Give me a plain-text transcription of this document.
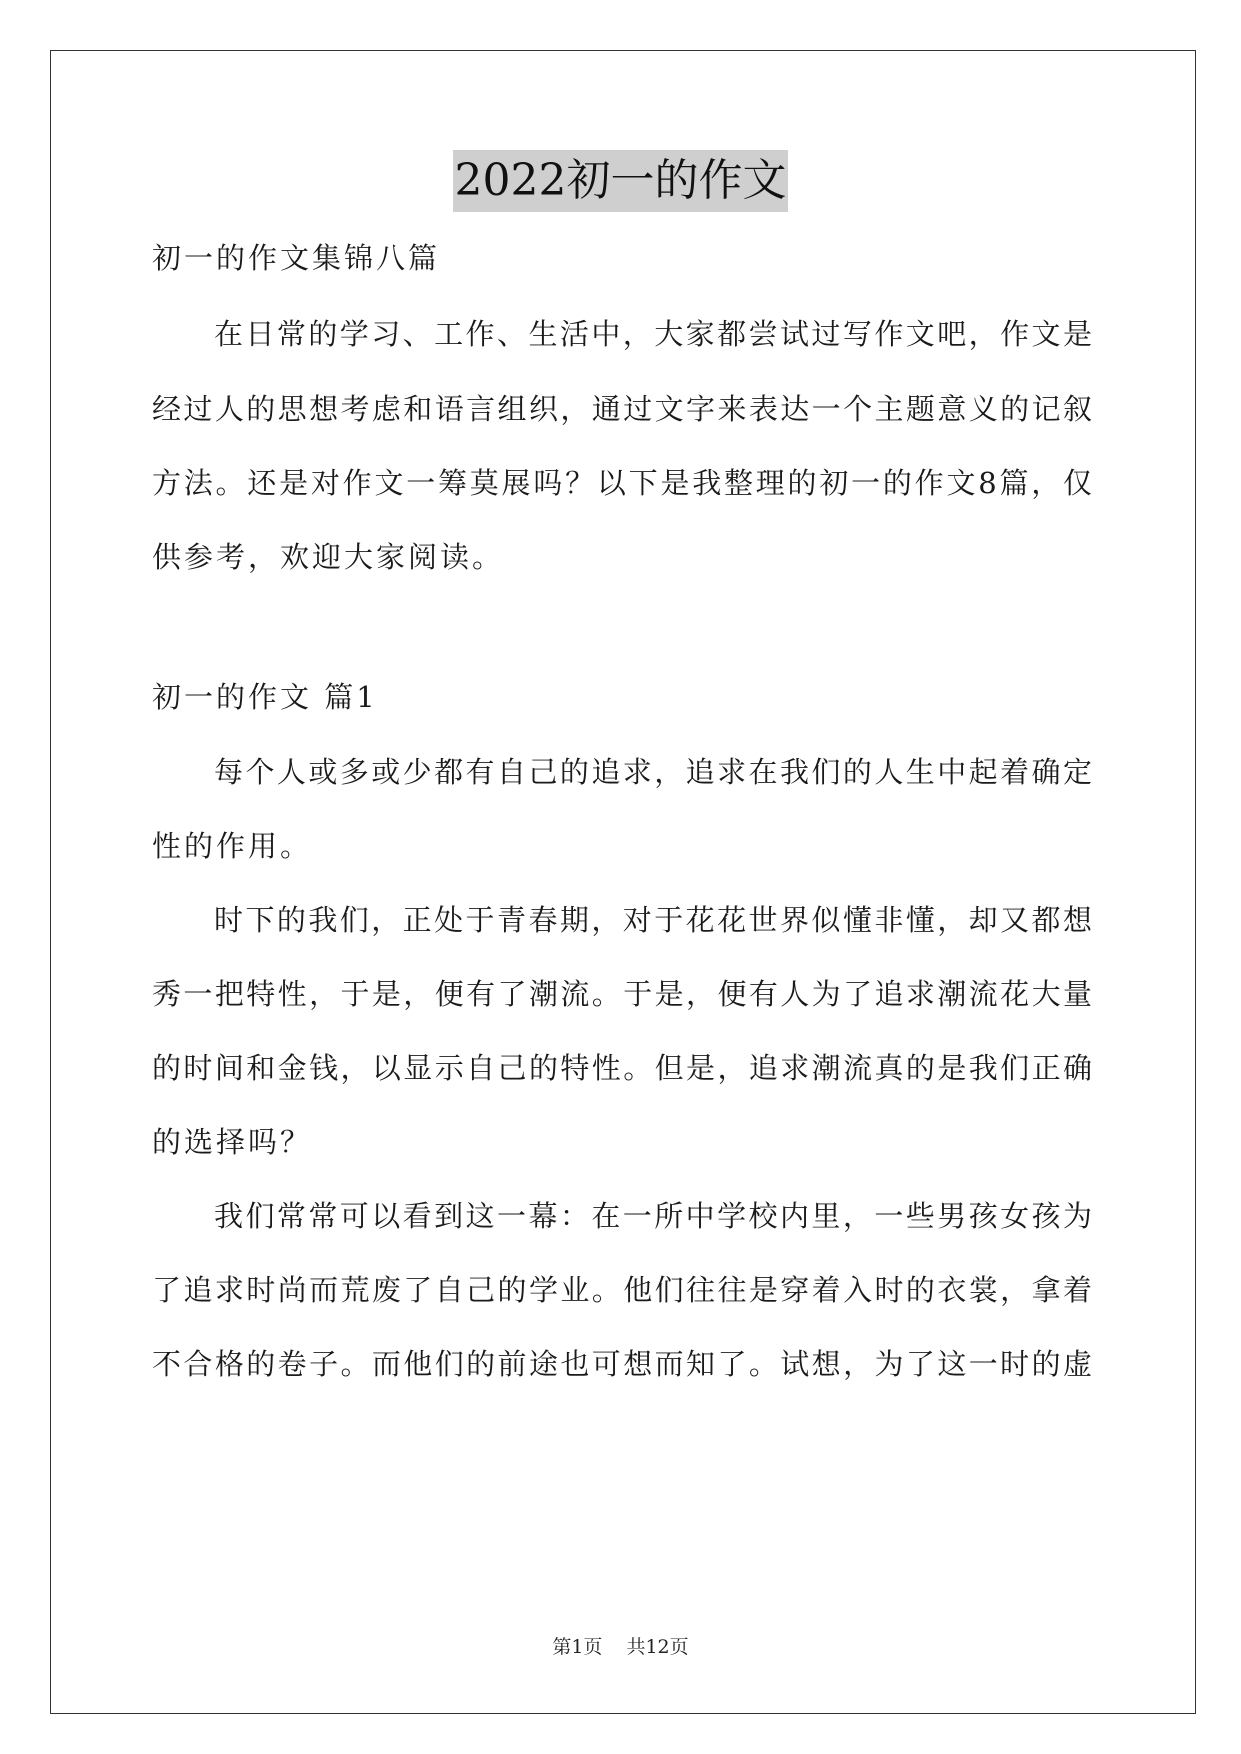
2022初一的作文
初一的作文集锦八篇
在日常的学习、工作、生活中，大家都尝试过写作文吧，作文是
经过人的思想考虑和语言组织，通过文字来表达一个主题意义的记叙
方法。还是对作文一筹莫展吗？以下是我整理的初一的作文8篇，仅
供参考，欢迎大家阅读。
初一的作文 篇1
每个人或多或少都有自己的追求，追求在我们的人生中起着确定
性的作用。
时下的我们，正处于青春期，对于花花世界似懂非懂，却又都想
秀一把特性，于是，便有了潮流。于是，便有人为了追求潮流花大量
的时间和金钱，以显示自己的特性。但是，追求潮流真的是我们正确
的选择吗？
我们常常可以看到这一幕：在一所中学校内里，一些男孩女孩为
了追求时尚而荒废了自己的学业。他们往往是穿着入时的衣裳，拿着
不合格的卷子。而他们的前途也可想而知了。试想，为了这一时的虚
第1页 共12页
